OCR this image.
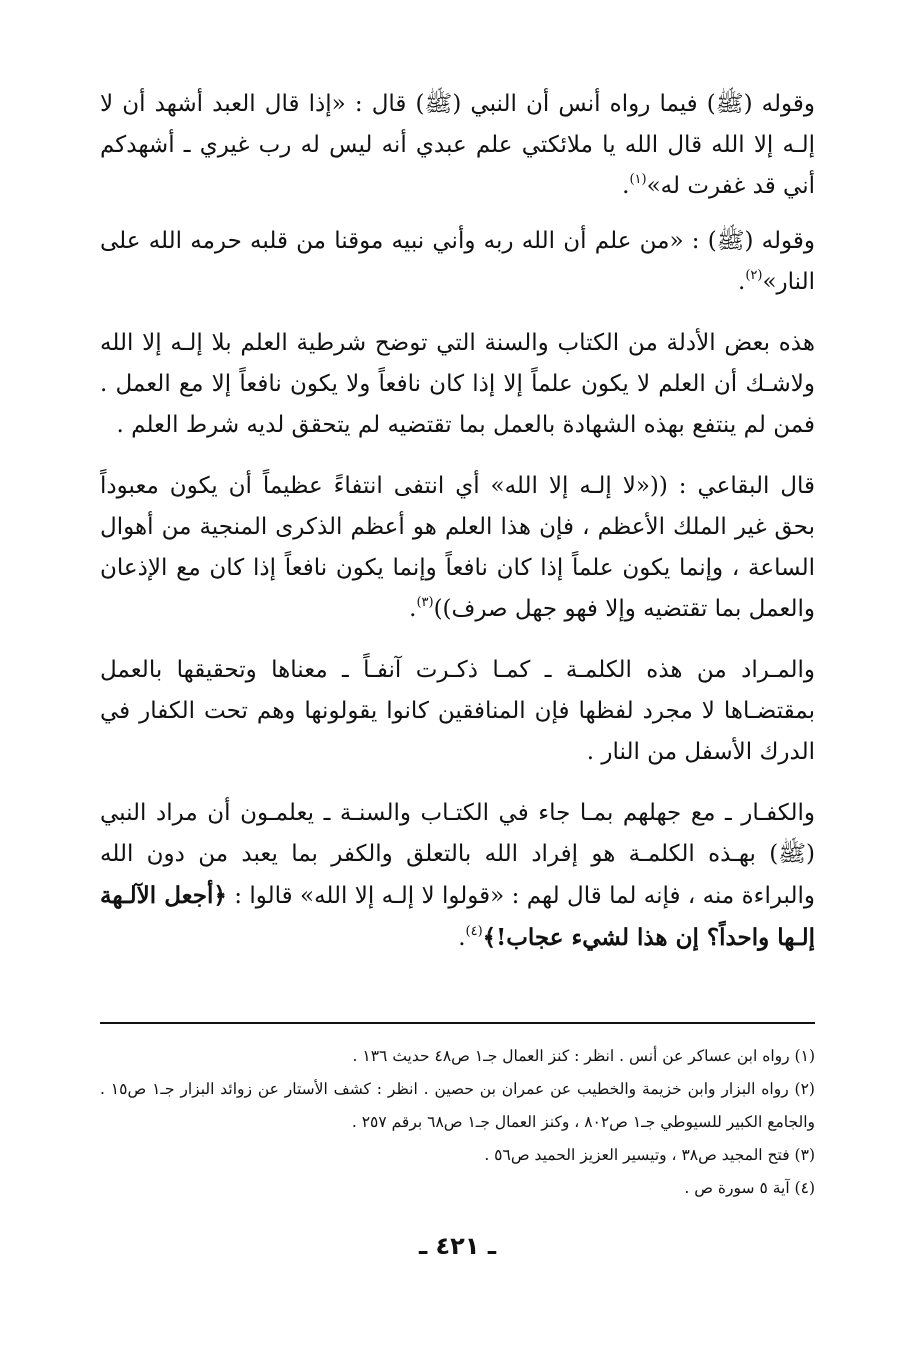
وقوله (ﷺ) فيما رواه أنس أن النبي (ﷺ) قال : «إذا قال العبد أشهد أن لا إلـه إلا الله قال الله يا ملائكتي علم عبدي أنه ليس له رب غيري ـ أشهدكم أني قد غفرت له»$^{(١)}$.

وقوله (ﷺ) : «من علم أن الله ربه وأني نبيه موقنا من قلبه حرمه الله على النار»$^{(٢)}$.

هذه بعض الأدلة من الكتاب والسنة التي توضح شرطية العلم بلا إلـه إلا الله ولاشـك أن العلم لا يكون علماً إلا إذا كان نافعاً ولا يكون نافعاً إلا مع العمل . فمن لم ينتفع بهذه الشهادة بالعمل بما تقتضيه لم يتحقق لديه شرط العلم .

قال البقاعي : ((«لا إلـه إلا الله» أي انتفى انتفاءً عظيماً أن يكون معبوداً بحق غير الملك الأعظم ، فإن هذا العلم هو أعظم الذكرى المنجية من أهوال الساعة ، وإنما يكون علماً إذا كان نافعاً وإنما يكون نافعاً إذا كان مع الإذعان والعمل بما تقتضيه وإلا فهو جهل صرف))$^{(٣)}$.

والمـراد من هذه الكلمـة ـ كمـا ذكـرت آنفـاً ـ معناها وتحقيقها بالعمل بمقتضـاها لا مجرد لفظها فإن المنافقين كانوا يقولونها وهم تحت الكفار في الدرك الأسفل من النار .

والكفـار ـ مع جهلهم بمـا جاء في الكتـاب والسنـة ـ يعلمـون أن مراد النبي (ﷺ) بهـذه الكلمـة هو إفراد الله بالتعلق والكفر بما يعبد من دون الله والبراءة منه ، فإنه لما قال لهم : «قولوا لا إلـه إلا الله» قالوا : ﴿أجعل الآلـهة إلـها واحداً؟ إن هذا لشيء عجاب!﴾$^{(٤)}$.

(١) رواه ابن عساكر عن أنس . انظر : كنز العمال جـ١ ص٤٨ حديث ١٣٦ .

(٢) رواه البزار وابن خزيمة والخطيب عن عمران بن حصين . انظر : كشف الأستار عن زوائد البزار جـ١ ص١٥ . والجامع الكبير للسيوطي جـ١ ص٨٠٢ ، وكنز العمال جـ١ ص٦٨ برقم ٢٥٧ .

(٣) فتح المجيد ص٣٨ ، وتيسير العزيز الحميد ص٥٦ .

(٤) آية ٥ سورة ص .

ـ ٤٢١ ـ
